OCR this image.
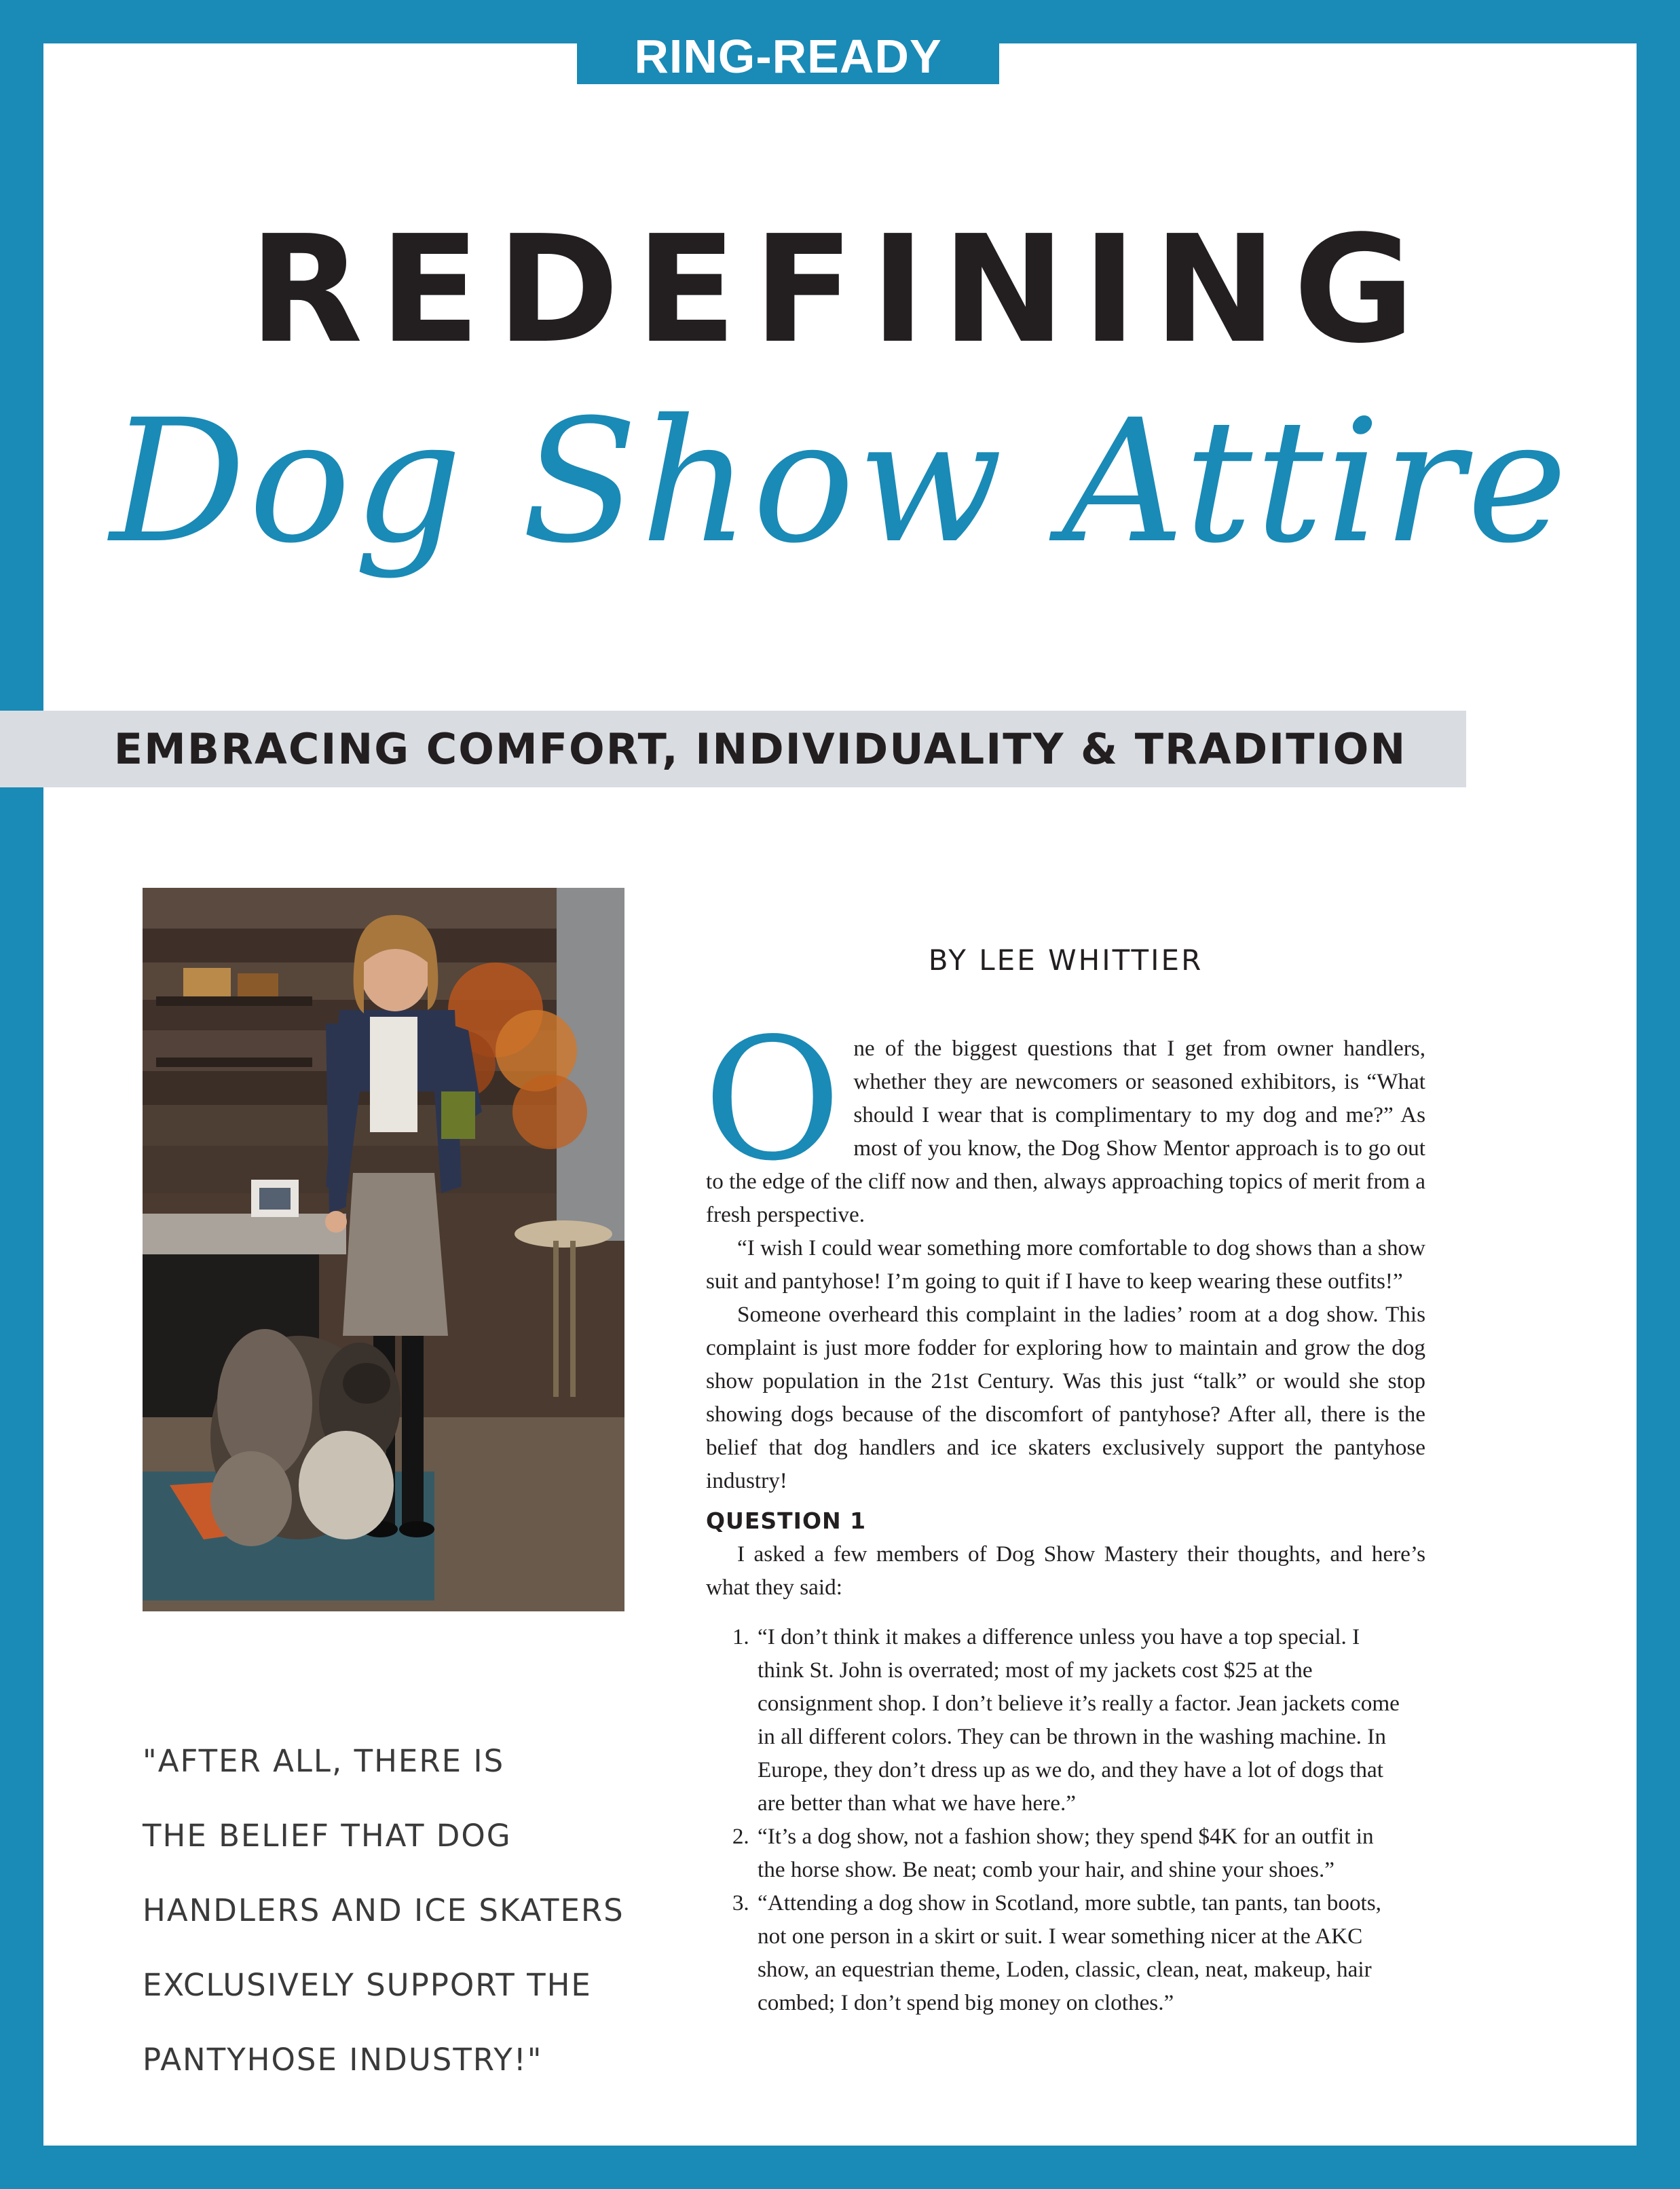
RING-READY
REDEFINING
Dog Show Attire
EMBRACING COMFORT, INDIVIDUALITY & TRADITION
BY LEE WHITTIER

One of the biggest questions that I get from owner handlers, whether they are newcomers or seasoned exhibitors, is “What should I wear that is complimentary to my dog and me?” As most of you know, the Dog Show Mentor approach is to go out to the edge of the cliff now and then, always approaching topics of merit from a fresh perspective.

“I wish I could wear something more comfortable to dog shows than a show suit and pantyhose! I’m going to quit if I have to keep wearing these outfits!”

Someone overheard this complaint in the ladies’ room at a dog show. This complaint is just more fodder for exploring how to maintain and grow the dog show population in the 21st Century. Was this just “talk” or would she stop showing dogs because of the discomfort of pantyhose? After all, there is the belief that dog handlers and ice skaters exclusively support the pantyhose industry!

QUESTION 1

I asked a few members of Dog Show Mastery their thoughts, and here’s what they said:

1. “I don’t think it makes a difference unless you have a top special. I think St. John is overrated; most of my jackets cost $25 at the consignment shop. I don’t believe it’s really a factor. Jean jackets come in all different colors. They can be thrown in the washing machine. In Europe, they don’t dress up as we do, and they have a lot of dogs that are better than what we have here.”
2. “It’s a dog show, not a fashion show; they spend $4K for an outfit in the horse show. Be neat; comb your hair, and shine your shoes.”
3. “Attending a dog show in Scotland, more subtle, tan pants, tan boots, not one person in a skirt or suit. I wear something nicer at the AKC show, an equestrian theme, Loden, classic, clean, neat, makeup, hair combed; I don’t spend big money on clothes.”
"AFTER ALL, THERE IS
THE BELIEF THAT DOG
HANDLERS AND ICE SKATERS
EXCLUSIVELY SUPPORT THE
PANTYHOSE INDUSTRY!"
